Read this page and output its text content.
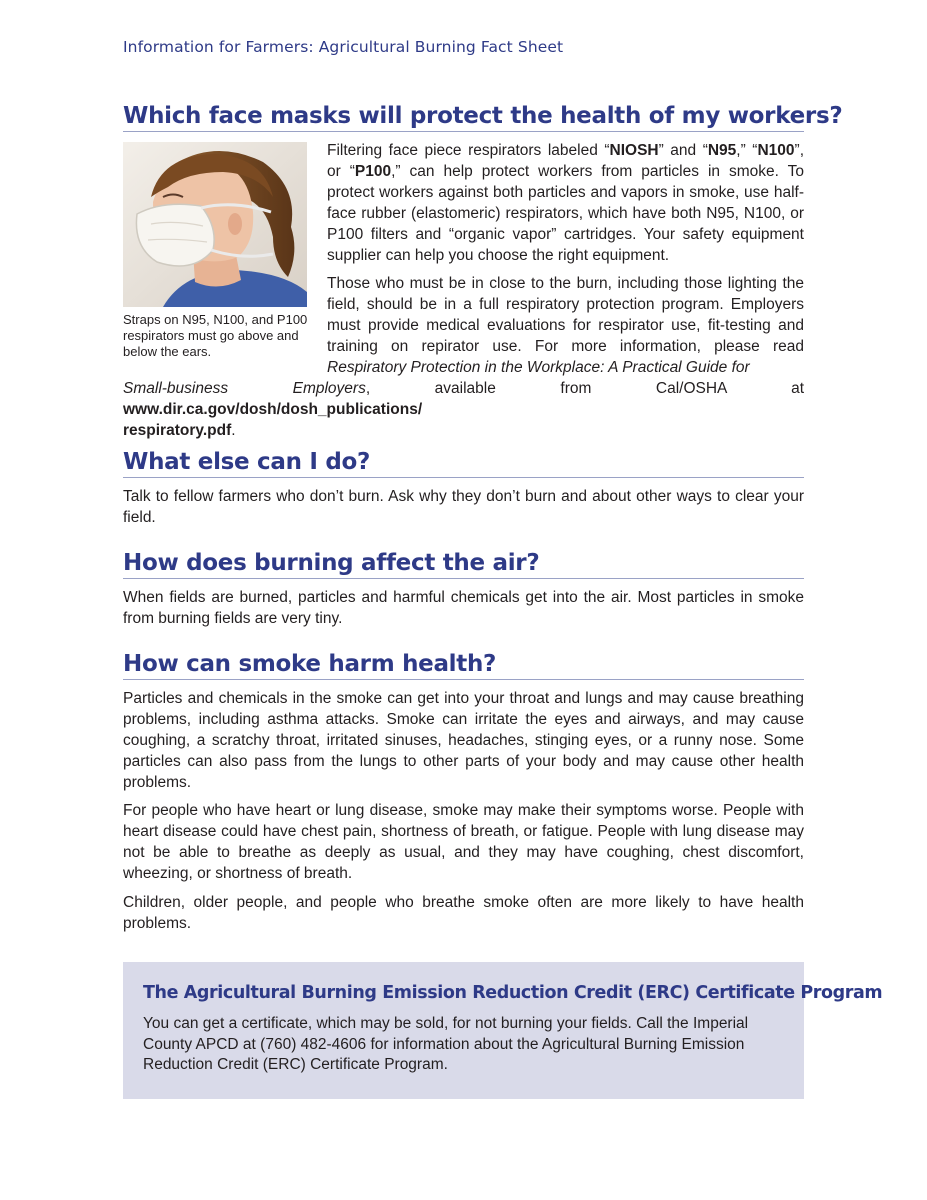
Information for Farmers: Agricultural Burning Fact Sheet
Which face masks will protect the health of my workers?
Straps on N95, N100, and P100 respirators must go above and below the ears.

Filtering face piece respirators labeled “NIOSH” and “N95,” “N100”, or “P100,” can help protect workers from particles in smoke. To protect workers against both particles and vapors in smoke, use half-face rubber (elastomeric) respirators, which have both N95, N100, or P100 filters and “organic vapor” cartridges. Your safety equipment supplier can help you choose the right equipment.

Those who must be in close to the burn, including those lighting the field, should be in a full respiratory protection program. Employers must provide medical evaluations for respirator use, fit-testing and training on repirator use. For more information, please read Respiratory Protection in the Workplace: A Practical Guide for

Small-business Employers, available from Cal/OSHA at www.dir.ca.gov/dosh/dosh_publications/
respiratory.pdf.

What else can I do?

Talk to fellow farmers who don’t burn. Ask why they don’t burn and about other ways to clear your field.

How does burning affect the air?

When fields are burned, particles and harmful chemicals get into the air. Most particles in smoke from burning fields are very tiny.

How can smoke harm health?

Particles and chemicals in the smoke can get into your throat and lungs and may cause breathing problems, including asthma attacks. Smoke can irritate the eyes and airways, and may cause coughing, a scratchy throat, irritated sinuses, headaches, stinging eyes, or a runny nose. Some particles can also pass from the lungs to other parts of your body and may cause other health problems.

For people who have heart or lung disease, smoke may make their symptoms worse. People with heart disease could have chest pain, shortness of breath, or fatigue. People with lung disease may not be able to breathe as deeply as usual, and they may have coughing, chest discomfort, wheezing, or shortness of breath.

Children, older people, and people who breathe smoke often are more likely to have health problems.

The Agricultural Burning Emission Reduction Credit (ERC) Certificate Program

You can get a certificate, which may be sold, for not burning your fields. Call the Imperial County APCD at (760) 482-4606 for information about the Agricultural Burning Emission Reduction Credit (ERC) Certificate Program.
